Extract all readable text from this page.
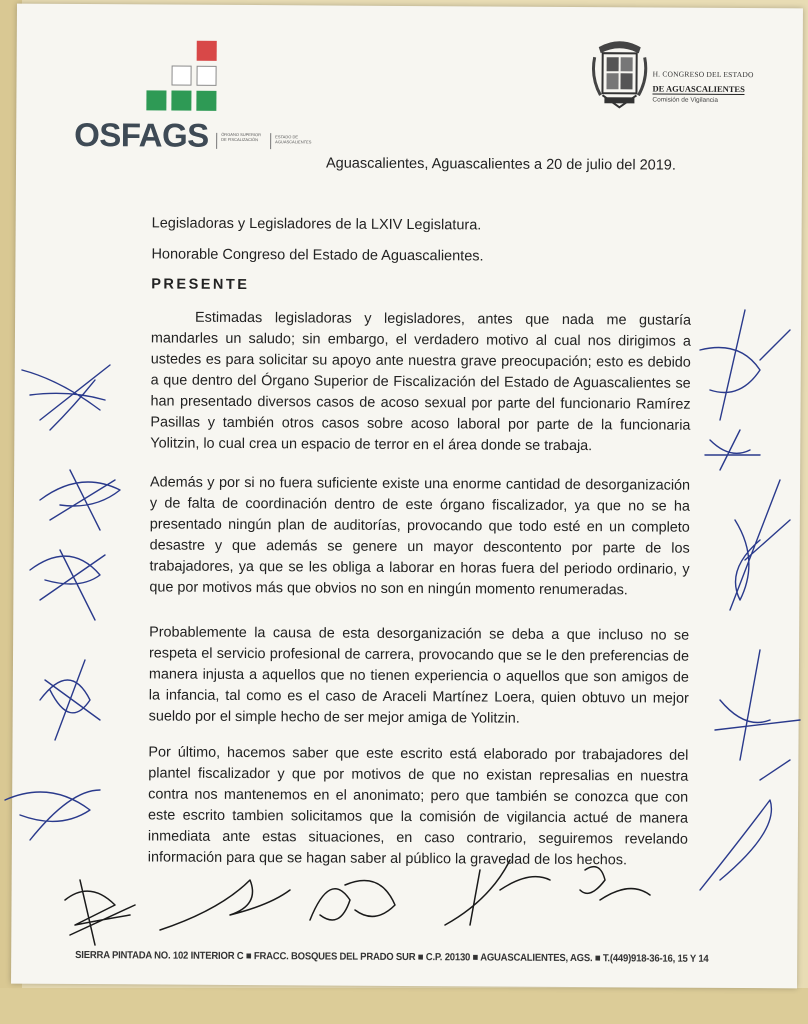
OSFAGS	ÓRGANO SUPERIOR DE FISCALIZACIÓN
ESTADO DE AGUASCALIENTES
H. CONGRESO DEL ESTADO
DE AGUASCALIENTES
Comisión de Vigilancia
Aguascalientes, Aguascalientes a 20 de julio del 2019.
Legisladoras y Legisladores de la LXIV Legislatura.
Honorable Congreso del Estado de Aguascalientes.
PRESENTE
Estimadas legisladoras y legisladores, antes que nada me gustaría mandarles un saludo; sin embargo, el verdadero motivo al cual nos dirigimos a ustedes es para solicitar su apoyo ante nuestra grave preocupación; esto es debido a que dentro del Órgano Superior de Fiscalización del Estado de Aguascalientes se han presentado diversos casos de acoso sexual por parte del funcionario Ramírez Pasillas y también otros casos sobre acoso laboral por parte de la funcionaria Yolitzin, lo cual crea un espacio de terror en el área donde se trabaja.
Además y por si no fuera suficiente existe una enorme cantidad de desorganización y de falta de coordinación dentro de este órgano fiscalizador, ya que no se ha presentado ningún plan de auditorías, provocando que todo esté en un completo desastre y que además se genere un mayor descontento por parte de los trabajadores, ya que se les obliga a laborar en horas fuera del periodo ordinario, y que por motivos más que obvios no son en ningún momento renumeradas.
Probablemente la causa de esta desorganización se deba a que incluso no se respeta el servicio profesional de carrera, provocando que se le den preferencias de manera injusta a aquellos que no tienen experiencia o aquellos que son amigos de la infancia, tal como es el caso de Araceli Martínez Loera, quien obtuvo un mejor sueldo por el simple hecho de ser mejor amiga de Yolitzin.
Por último, hacemos saber que este escrito está elaborado por trabajadores del plantel fiscalizador y que por motivos de que no existan represalias en nuestra contra nos mantenemos en el anonimato; pero que también se conozca que con este escrito tambien solicitamos que la comisión de vigilancia actué de manera inmediata ante estas situaciones, en caso contrario, seguiremos revelando información para que se hagan saber al público la gravedad de los hechos.
SIERRA PINTADA NO. 102 INTERIOR C ■ FRACC. BOSQUES DEL PRADO SUR ■ C.P. 20130 ■ AGUASCALIENTES, AGS. ■ T.(449)918-36-16, 15 Y 14
